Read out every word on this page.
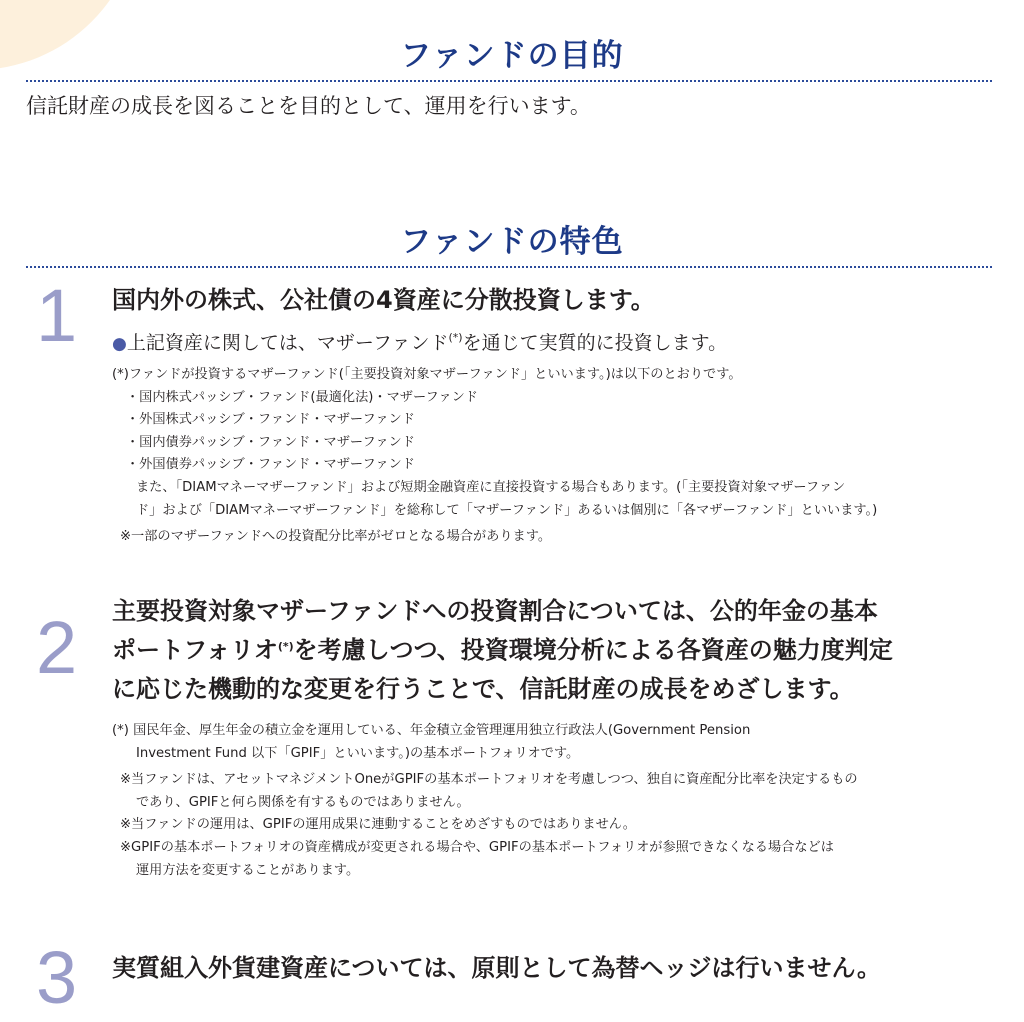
ファンドの目的
信託財産の成長を図ることを目的として、運用を行います。
ファンドの特色
1 国内外の株式、公社債の4資産に分散投資します。
●上記資産に関しては、マザーファンド(*)を通じて実質的に投資します。
(*)ファンドが投資するマザーファンド(「主要投資対象マザーファンド」といいます。)は以下のとおりです。
・国内株式パッシブ・ファンド(最適化法)・マザーファンド
・外国株式パッシブ・ファンド・マザーファンド
・国内債券パッシブ・ファンド・マザーファンド
・外国債券パッシブ・ファンド・マザーファンド
また、「DIAMマネーマザーファンド」および短期金融資産に直接投資する場合もあります。(「主要投資対象マザーファン
ド」および「DIAMマネーマザーファンド」を総称して「マザーファンド」あるいは個別に「各マザーファンド」といいます。)
※一部のマザーファンドへの投資配分比率がゼロとなる場合があります。
2 主要投資対象マザーファンドへの投資割合については、公的年金の基本
ポートフォリオ(*)を考慮しつつ、投資環境分析による各資産の魅力度判定
に応じた機動的な変更を行うことで、信託財産の成長をめざします。
(*) 国民年金、厚生年金の積立金を運用している、年金積立金管理運用独立行政法人(Government Pension
Investment Fund 以下「GPIF」といいます。)の基本ポートフォリオです。
※当ファンドは、アセットマネジメントOneがGPIFの基本ポートフォリオを考慮しつつ、独自に資産配分比率を決定するもの
であり、GPIFと何ら関係を有するものではありません。
※当ファンドの運用は、GPIFの運用成果に連動することをめざすものではありません。
※GPIFの基本ポートフォリオの資産構成が変更される場合や、GPIFの基本ポートフォリオが参照できなくなる場合などは
運用方法を変更することがあります。
3 実質組入外貨建資産については、原則として為替ヘッジは行いません。
